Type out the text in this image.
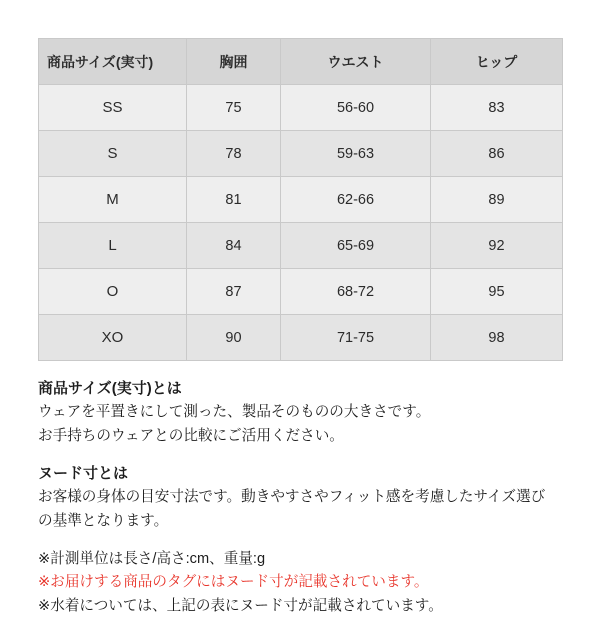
商品サイズ(実寸)	胸囲	ウエスト	ヒップ
SS	75	56-60	83
S	78	59-63	86
M	81	62-66	89
L	84	65-69	92
O	87	68-72	95
XO	90	71-75	98
商品サイズ(実寸)とは
ウェアを平置きにして測った、製品そのものの大きさです。
お手持ちのウェアとの比較にご活用ください。
ヌード寸とは
お客様の身体の目安寸法です。動きやすさやフィット感を考慮したサイズ選び
の基準となります。
※計測単位は長さ/高さ:cm、重量:g
※お届けする商品のタグにはヌード寸が記載されています。
※水着については、上記の表にヌード寸が記載されています。
